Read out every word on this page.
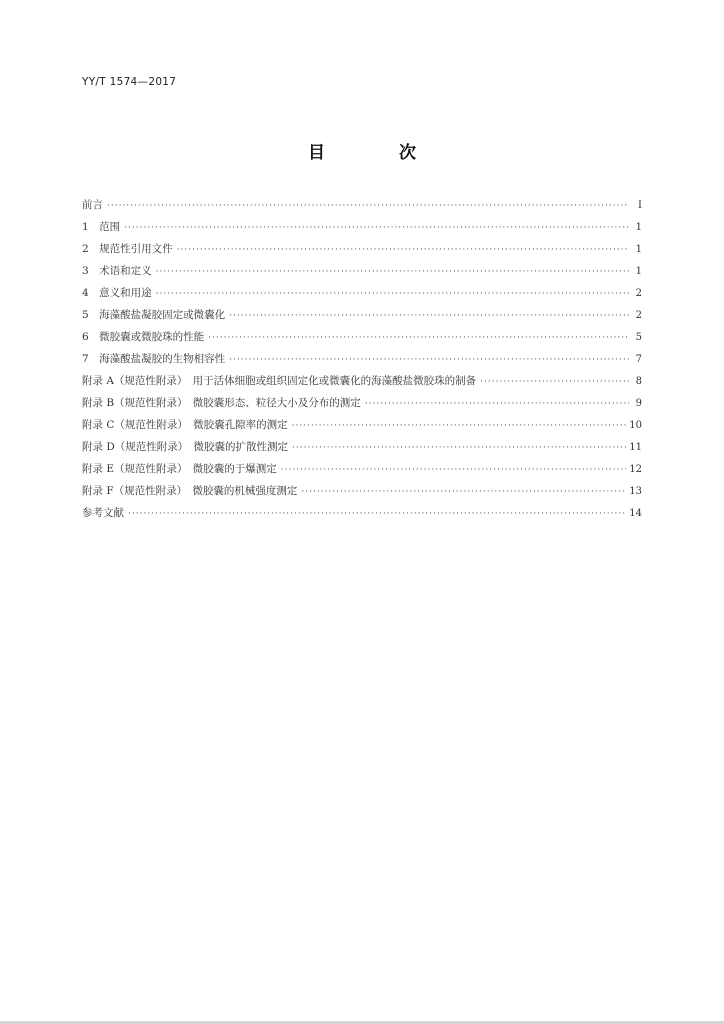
YY/T 1574—2017
目 次
前言 ·····	Ⅰ
1　范围 ·····	1
2　规范性引用文件 ·····	1
3　术语和定义 ·····	1
4　意义和用途 ·····	2
5　海藻酸盐凝胶固定或微囊化 ·····	2
6　微胶囊或微胶珠的性能 ·····	5
7　海藻酸盐凝胶的生物相容性 ·····	7
附录 A（规范性附录）　用于活体细胞或组织固定化或微囊化的海藻酸盐微胶珠的制备 ·····	8
附录 B（规范性附录）　微胶囊形态、粒径大小及分布的测定 ·····	9
附录 C（规范性附录）　微胶囊孔隙率的测定 ·····	10
附录 D（规范性附录）　微胶囊的扩散性测定 ·····	11
附录 E（规范性附录）　微胶囊的于爆测定 ·····	12
附录 F（规范性附录）　微胶囊的机械强度测定 ·····	13
参考文献 ·····	14
